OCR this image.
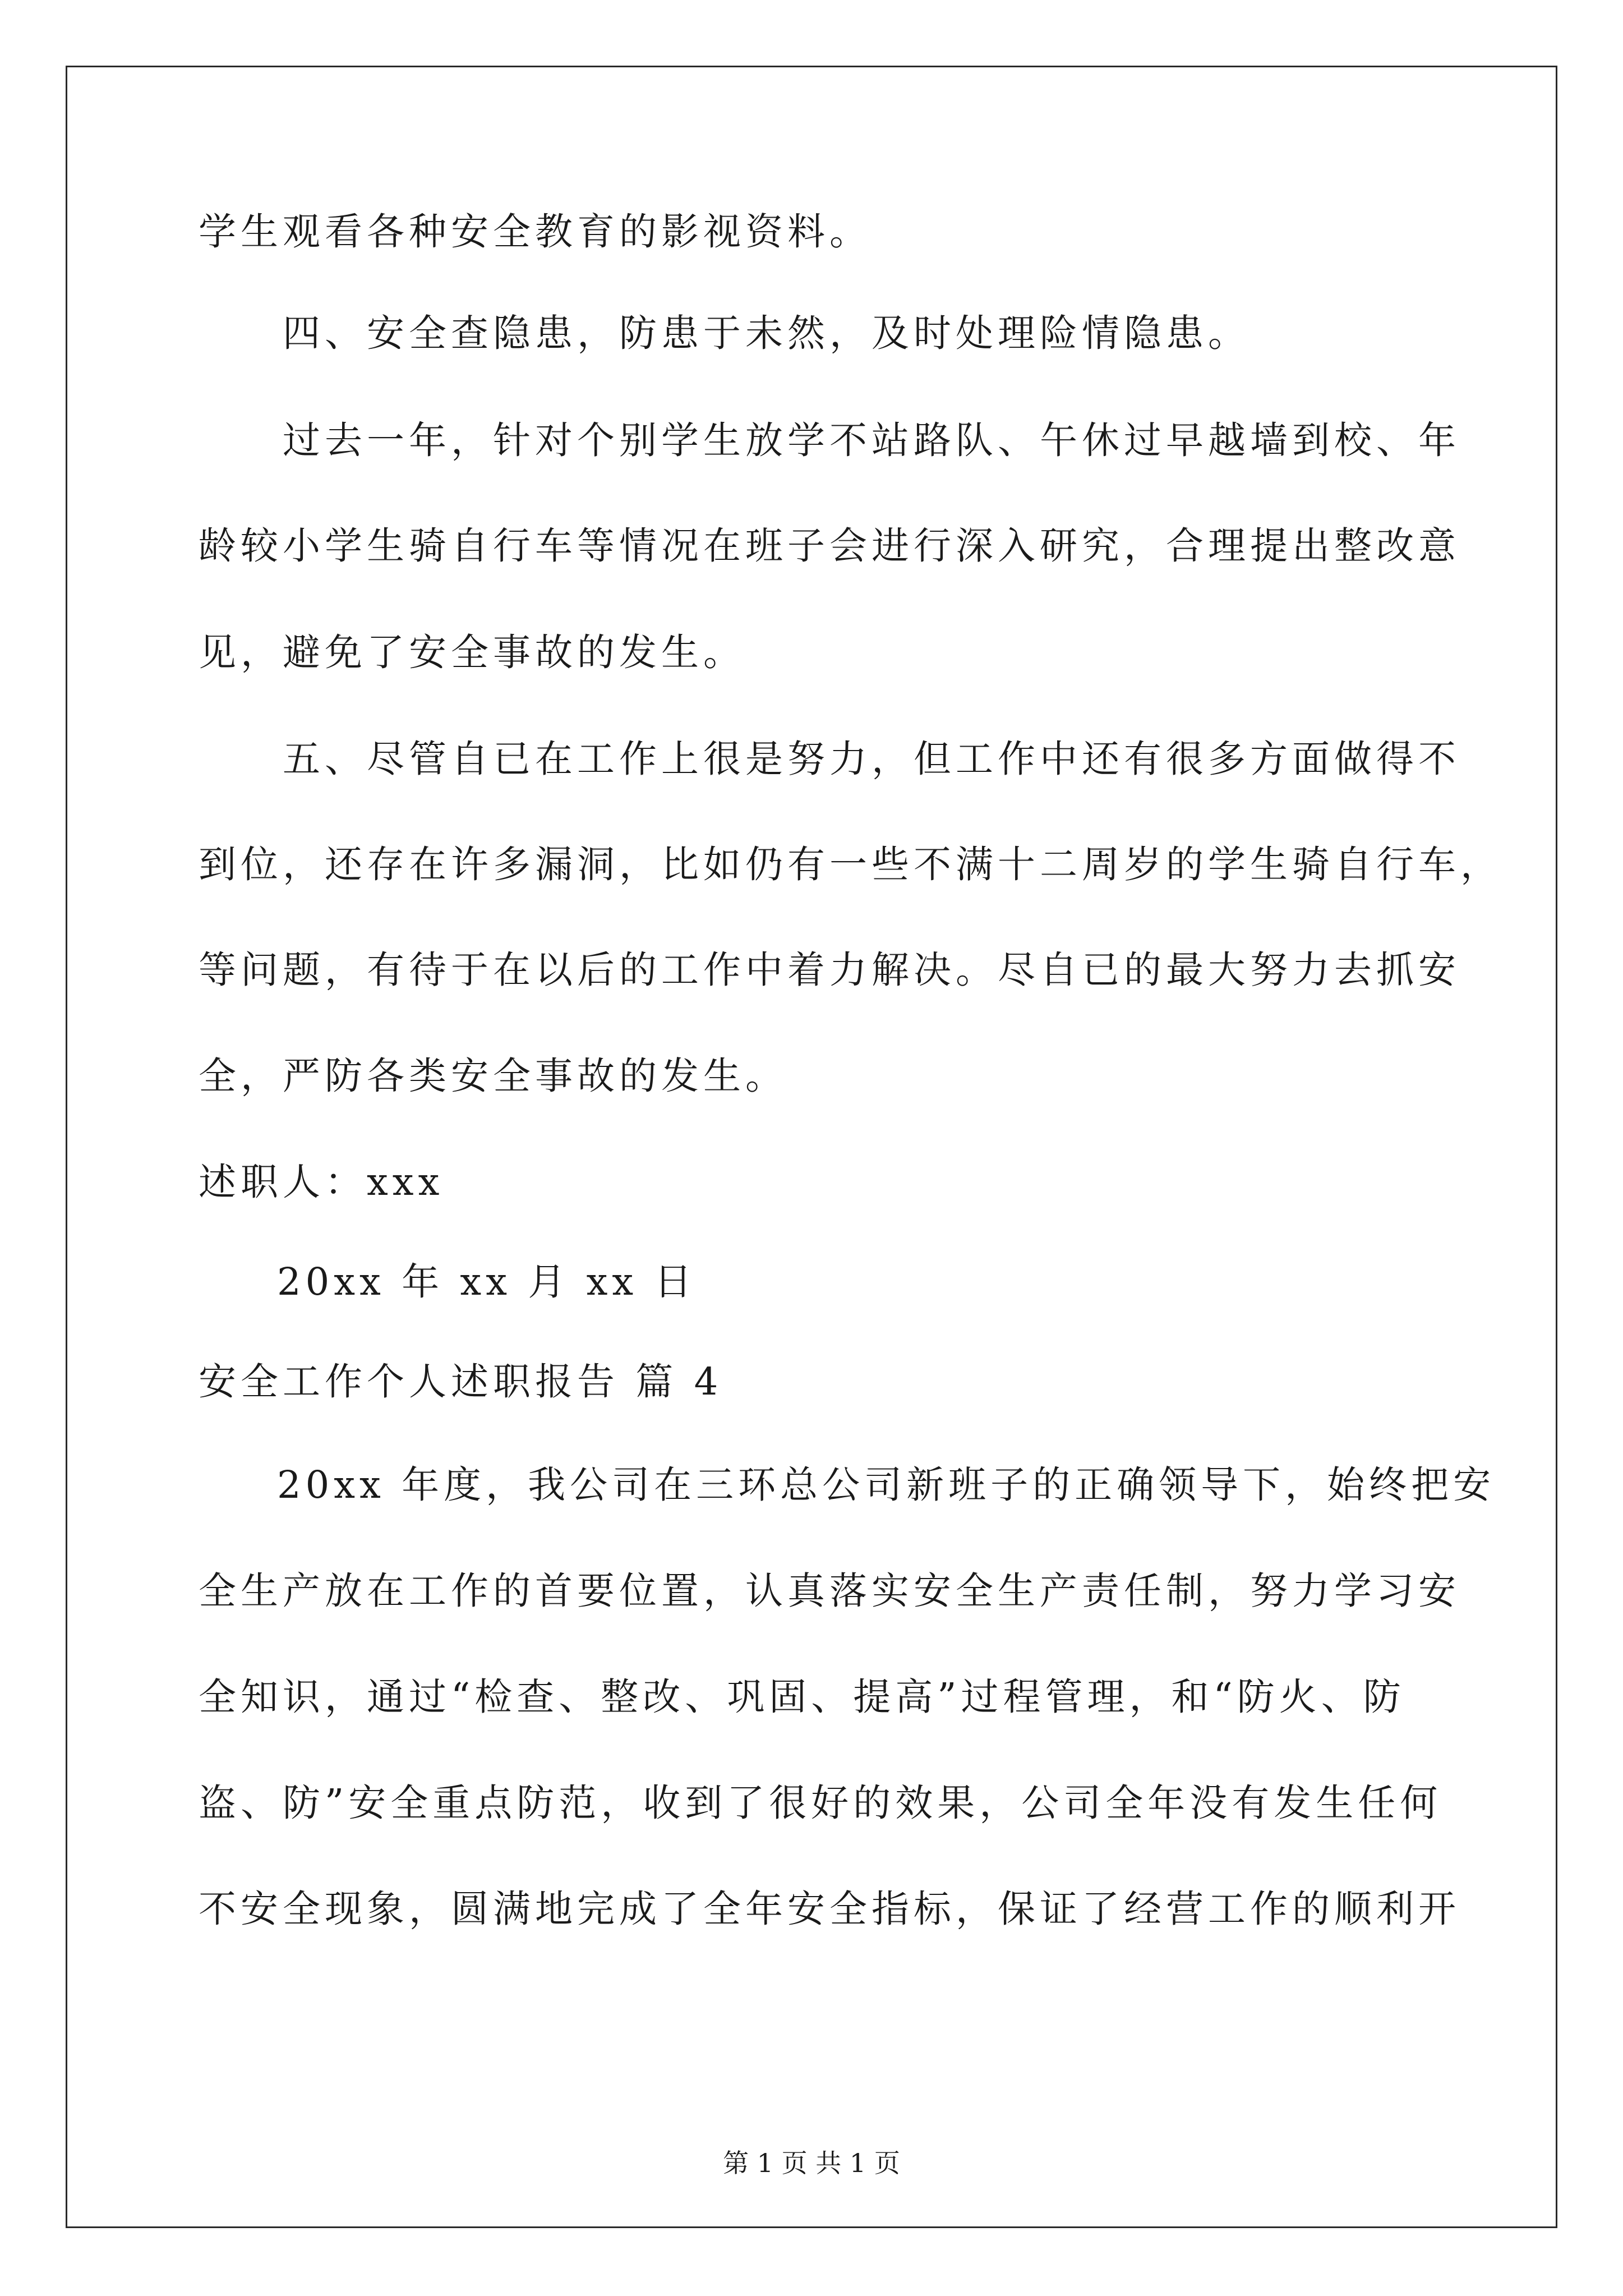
学生观看各种安全教育的影视资料。
四、安全查隐患，防患于未然，及时处理险情隐患。
过去一年，针对个别学生放学不站路队、午休过早越墙到校、年
龄较小学生骑自行车等情况在班子会进行深入研究，合理提出整改意
见，避免了安全事故的发生。
五、尽管自已在工作上很是努力，但工作中还有很多方面做得不
到位，还存在许多漏洞，比如仍有一些不满十二周岁的学生骑自行车，
等问题，有待于在以后的工作中着力解决。尽自已的最大努力去抓安
全，严防各类安全事故的发生。
述职人：xxx
20xx 年 xx 月 xx 日
安全工作个人述职报告 篇 4
20xx 年度，我公司在三环总公司新班子的正确领导下，始终把安
全生产放在工作的首要位置，认真落实安全生产责任制，努力学习安
全知识，通过“检查、整改、巩固、提高”过程管理，和“防火、防
盗、防”安全重点防范，收到了很好的效果，公司全年没有发生任何
不安全现象，圆满地完成了全年安全指标，保证了经营工作的顺利开
第 1 页 共 1 页
